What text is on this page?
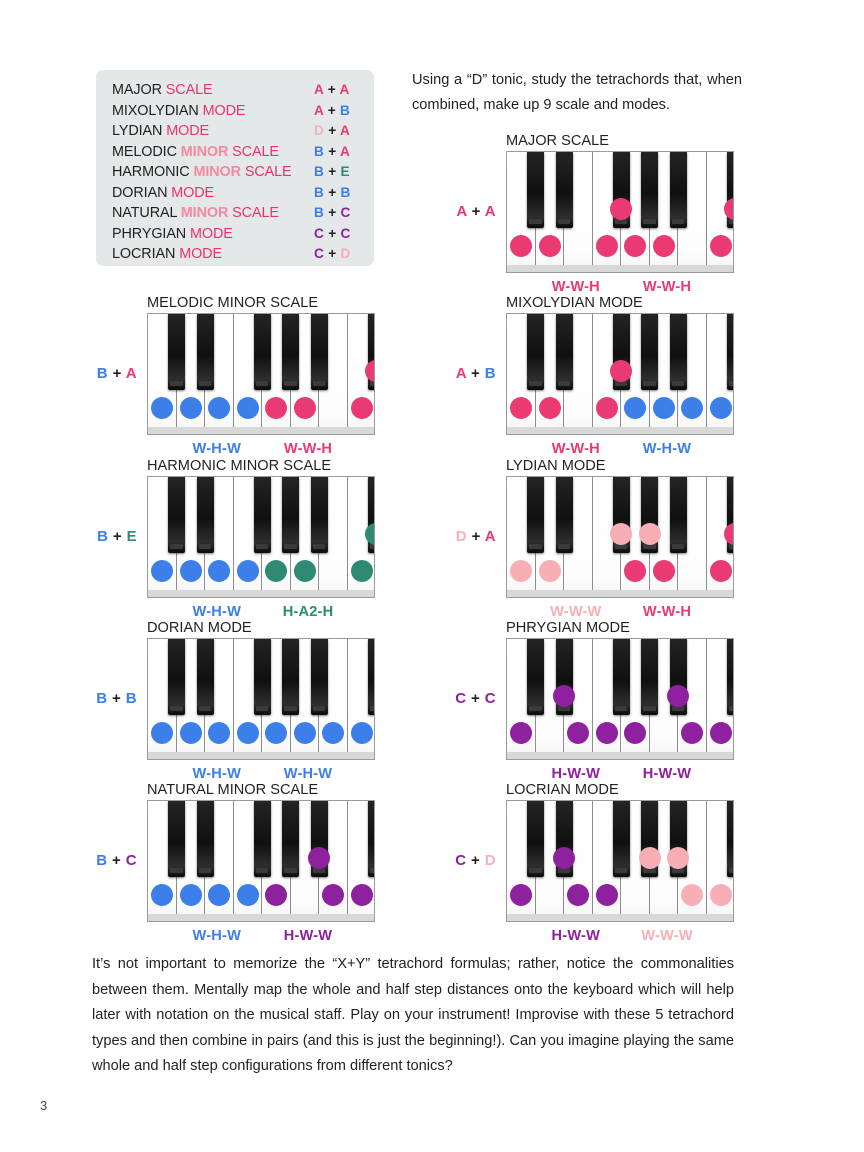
MAJOR SCALE	A + A
MIXOLYDIAN MODE	A + B
LYDIAN MODE	D + A
MELODIC MINOR SCALE	B + A
HARMONIC MINOR SCALE	B + E
DORIAN MODE	B + B
NATURAL MINOR SCALE	B + C
PHRYGIAN MODE	C + C
LOCRIAN MODE	C + D
Using a “D” tonic, study the tetrachords that, when combined, make up 9 scale and modes.
MAJOR SCALE
A + A
W-W-H	W-W-H
MELODIC MINOR SCALE
B + A
W-H-W	W-W-H
MIXOLYDIAN MODE
A + B
W-W-H	W-H-W
HARMONIC MINOR SCALE
B + E
W-H-W	H-A2-H
LYDIAN MODE
D + A
W-W-W	W-W-H
DORIAN MODE
B + B
W-H-W	W-H-W
PHRYGIAN MODE
C + C
H-W-W	H-W-W
NATURAL MINOR SCALE
B + C
W-H-W	H-W-W
LOCRIAN MODE
C + D
H-W-W	W-W-W
It’s not important to memorize the “X+Y” tetrachord formulas; rather, notice the commonalities between them. Mentally map the whole and half step distances onto the keyboard which will help later with notation on the musical staff. Play on your instrument! Improvise with these 5 tetrachord types and then combine in pairs (and this is just the beginning!). Can you imagine playing the same whole and half step configurations from different tonics?
3
